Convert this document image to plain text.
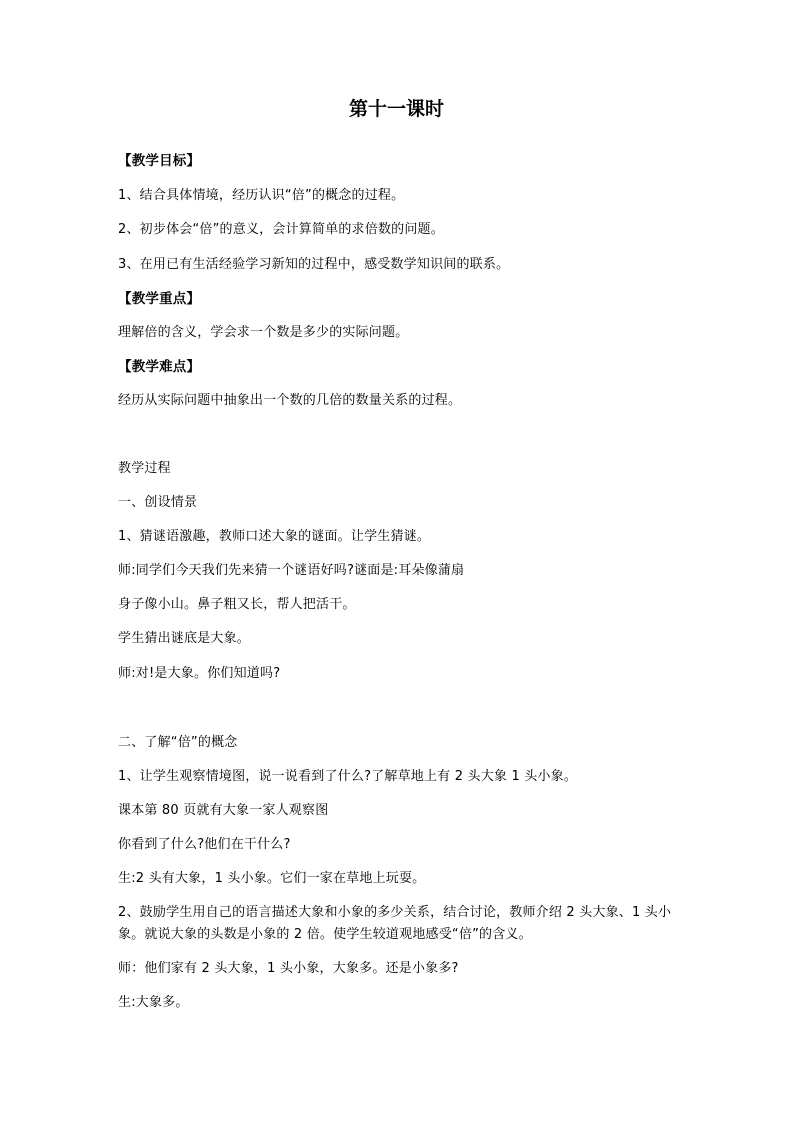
第十一课时
【教学目标】
1、结合具体情境，经历认识“倍”的概念的过程。
2、初步体会“倍”的意义，会计算简单的求倍数的问题。
3、在用已有生活经验学习新知的过程中，感受数学知识间的联系。
【教学重点】
理解倍的含义，学会求一个数是多少的实际问题。
【教学难点】
经历从实际问题中抽象出一个数的几倍的数量关系的过程。
教学过程
一、创设情景
1、猜谜语激趣，教师口述大象的谜面。让学生猜谜。
师:同学们今天我们先来猜一个谜语好吗?谜面是:耳朵像蒲扇
身子像小山。鼻子粗又长，帮人把活干。
学生猜出谜底是大象。
师:对!是大象。你们知道吗?
二、了解“倍”的概念
1、让学生观察情境图，说一说看到了什么?了解草地上有 2 头大象 1 头小象。
课本第 80 页就有大象一家人观察图
你看到了什么?他们在干什么?
生:2 头有大象，1 头小象。它们一家在草地上玩耍。
2、鼓励学生用自己的语言描述大象和小象的多少关系，结合讨论，教师介绍 2 头大象、1 头小象。就说大象的头数是小象的 2 倍。使学生较道观地感受“倍”的含义。
师：他们家有 2 头大象，1 头小象，大象多。还是小象多?
生:大象多。
